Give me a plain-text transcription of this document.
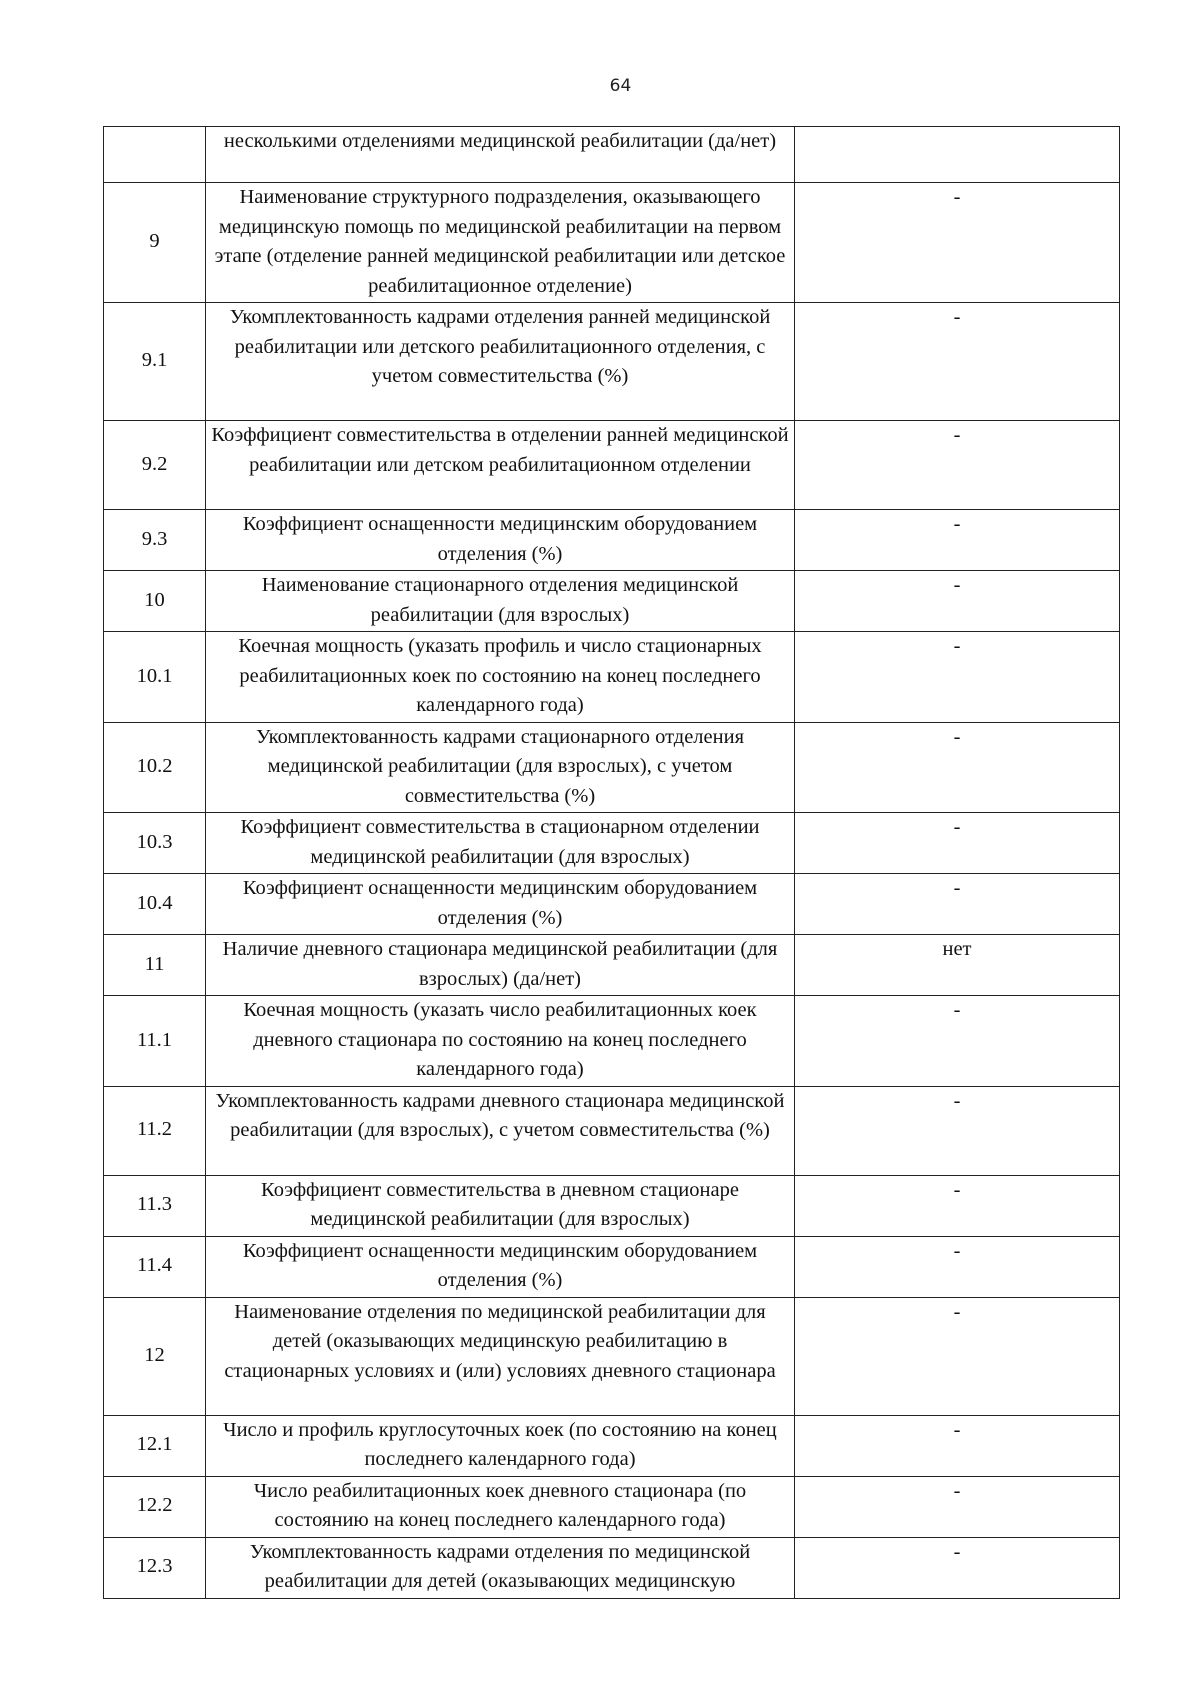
64
	несколькими отделениями медицинской реабилитации (да/нет)	
9	Наименование структурного подразделения, оказывающего медицинскую помощь по медицинской реабилитации на первом этапе (отделение ранней медицинской реабилитации или детское реабилитационное отделение)	-
9.1	Укомплектованность кадрами отделения ранней медицинской реабилитации или детского реабилитационного отделения, с учетом совместительства (%)	-
9.2	Коэффициент совместительства в отделении ранней медицинской реабилитации или детском реабилитационном отделении	-
9.3	Коэффициент оснащенности медицинским оборудованием отделения (%)	-
10	Наименование стационарного отделения медицинской реабилитации (для взрослых)	-
10.1	Коечная мощность (указать профиль и число стационарных реабилитационных коек по состоянию на конец последнего календарного года)	-
10.2	Укомплектованность кадрами стационарного отделения медицинской реабилитации (для взрослых), с учетом совместительства (%)	-
10.3	Коэффициент совместительства в стационарном отделении медицинской реабилитации (для взрослых)	-
10.4	Коэффициент оснащенности медицинским оборудованием отделения (%)	-
11	Наличие дневного стационара медицинской реабилитации (для взрослых) (да/нет)	нет
11.1	Коечная мощность (указать число реабилитационных коек дневного стационара по состоянию на конец последнего календарного года)	-
11.2	Укомплектованность кадрами дневного стационара медицинской реабилитации (для взрослых), с учетом совместительства (%)	-
11.3	Коэффициент совместительства в дневном стационаре медицинской реабилитации (для взрослых)	-
11.4	Коэффициент оснащенности медицинским оборудованием отделения (%)	-
12	Наименование отделения по медицинской реабилитации для детей (оказывающих медицинскую реабилитацию в стационарных условиях и (или) условиях дневного стационара	-
12.1	Число и профиль круглосуточных коек (по состоянию на конец последнего календарного года)	-
12.2	Число реабилитационных коек дневного стационара (по состоянию на конец последнего календарного года)	-
12.3	Укомплектованность кадрами отделения по медицинской реабилитации для детей (оказывающих медицинскую	-
